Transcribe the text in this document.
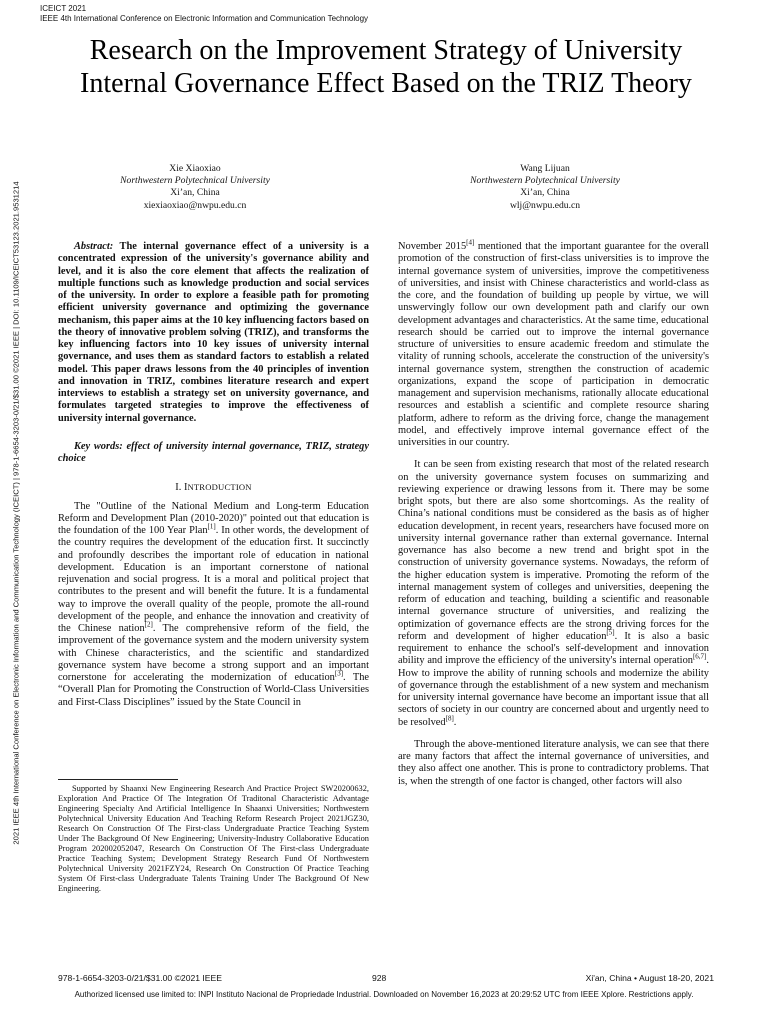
ICEICT 2021
IEEE 4th International Conference on Electronic Information and Communication Technology
2021 IEEE 4th International Conference on Electronic Information and Communication Technology (ICEICT) | 978-1-6654-3203-0/21/$31.00 ©2021 IEEE | DOI: 10.1109/ICEICT53123.2021.9531214
Research on the Improvement Strategy of University Internal Governance Effect Based on the TRIZ Theory
Xie Xiaoxiao
Northwestern Polytechnical University
Xi’an, China
xiexiaoxiao@nwpu.edu.cn
Wang Lijuan
Northwestern Polytechnical University
Xi’an, China
wlj@nwpu.edu.cn

Abstract: The internal governance effect of a university is a concentrated expression of the university's governance ability and level, and it is also the core element that affects the realization of multiple functions such as knowledge production and social services of the university. In order to explore a feasible path for promoting efficient university governance and optimizing the governance mechanism, this paper aims at the 10 key influencing factors based on the theory of innovative problem solving (TRIZ), and transforms the key influencing factors into 10 key issues of university internal governance, and uses them as standard factors to establish a related model. This paper draws lessons from the 40 principles of invention and innovation in TRIZ, combines literature research and expert interviews to establish a strategy set on university governance, and formulates targeted strategies to improve the effectiveness of university internal governance.

Key words: effect of university internal governance, TRIZ, strategy choice

I. INTRODUCTION

The "Outline of the National Medium and Long-term Education Reform and Development Plan (2010-2020)" pointed out that education is the foundation of the 100 Year Plan[1]. In other words, the development of the country requires the development of the education first. It succinctly and profoundly describes the important role of education in national development. Education is an important cornerstone of national rejuvenation and social progress. It is a moral and political project that contributes to the present and will benefit the future. It is a fundamental way to improve the overall quality of the people, promote the all-round development of the people, and enhance the innovation and creativity of the Chinese nation[2]. The comprehensive reform of the field, the improvement of the governance system and the modern university system with Chinese characteristics, and the scientific and standardized governance system have become a strong support and an important cornerstone for accelerating the modernization of education[3]. The “Overall Plan for Promoting the Construction of World-Class Universities and First-Class Disciplines” issued by the State Council in

Supported by Shaanxi New Engineering Research And Practice Project SW20200632, Exploration And Practice Of The Integration Of Traditonal Characteristic Advantage Engineering Specialty And Artificial Intelligence In Shaanxi Universities; Northwestern Polytechnical University Education And Teaching Reform Research Project 2021JGZ30, Research On Construction Of The First-class Undergraduate Practice Teaching System Under The Background Of New Engineering; University-Industry Collaborative Education Program 202002052047, Research On Construction Of The First-class Undergraduate Practice Teaching System; Development Strategy Research Fund Of Northwestern Polytechnical University 2021FZY24, Research On Construction Of Practice Teaching System Of First-class Undergraduate Talents Training Under The Background Of New Engineering.

November 2015[4] mentioned that the important guarantee for the overall promotion of the construction of first-class universities is to improve the internal governance system of universities, improve the competitiveness of universities, and insist with Chinese characteristics and world-class as the core, and the foundation of building up people by virtue, we will unswervingly follow our own development path and clarify our own development advantages and characteristics. At the same time, educational research should be carried out to improve the internal governance structure of universities to ensure academic freedom and stimulate the vitality of running schools, accelerate the construction of the university's internal governance system, strengthen the construction of academic organizations, expand the scope of participation in democratic management and supervision mechanisms, rationally allocate educational resources and establish a scientific and complete resource sharing platform, adhere to reform as the driving force, change the management model, and effectively improve internal governance effect of the universities in our country.

It can be seen from existing research that most of the related research on the university governance system focuses on summarizing and reviewing experience or drawing lessons from it. There may be some bright spots, but there are also some shortcomings. As the reality of China’s national conditions must be considered as the basis as of higher education development, in recent years, researchers have focused more on university internal governance rather than external governance. Internal governance has also become a new trend and bright spot in the construction of university governance systems. Nowadays, the reform of the higher education system is imperative. Promoting the reform of the internal management system of colleges and universities, deepening the reform of education and teaching, building a scientific and reasonable internal governance structure of universities, and realizing the optimization of governance effects are the strong driving forces for the reform and development of higher education[5]. It is also a basic requirement to enhance the school's self-development and innovation ability and improve the efficiency of the university's internal operation[6,7]. How to improve the ability of running schools and modernize the ability of governance through the establishment of a new system and mechanism for university internal governance have become an important issue that all sectors of society in our country are concerned about and urgently need to be resolved[8].

Through the above-mentioned literature analysis, we can see that there are many factors that affect the internal governance of universities, and they also affect one another. This is prone to contradictory problems. That is, when the strength of one factor is changed, other factors will also

978-1-6654-3203-0/21/$31.00 ©2021 IEEE	928	Xi'an, China • August 18-20, 2021
Authorized licensed use limited to: INPI Instituto Nacional de Propriedade Industrial. Downloaded on November 16,2023 at 20:29:52 UTC from IEEE Xplore. Restrictions apply.
